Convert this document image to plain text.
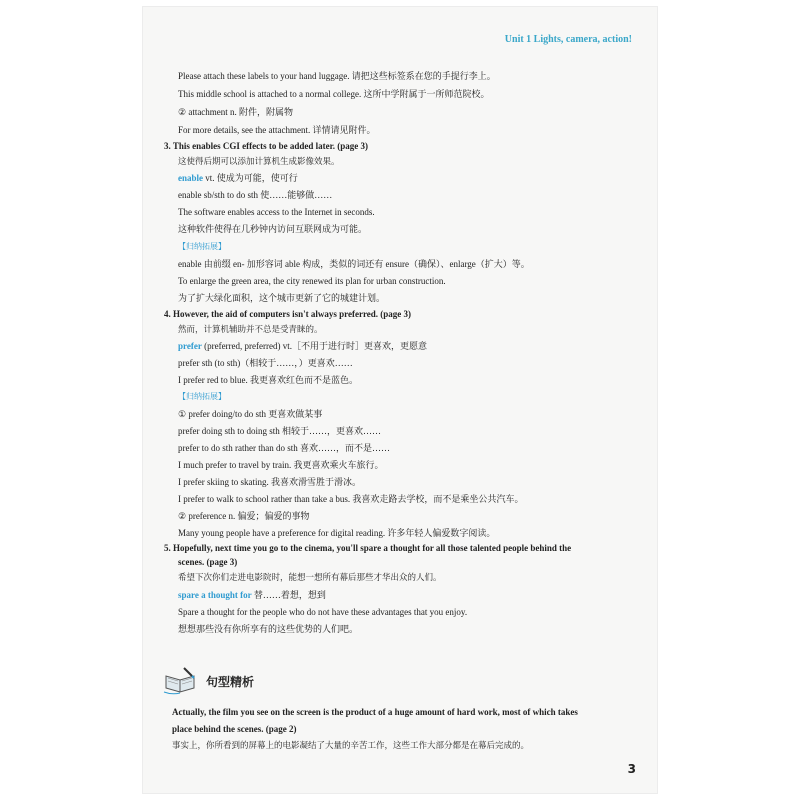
Unit 1 Lights, camera, action!
Please attach these labels to your hand luggage. 请把这些标签系在您的手提行李上。
This middle school is attached to a normal college. 这所中学附属于一所师范院校。
② attachment n. 附件，附属物
For more details, see the attachment. 详情请见附件。
3. This enables CGI effects to be added later. (page 3)
这使得后期可以添加计算机生成影像效果。
enable vt. 使成为可能，使可行
enable sb/sth to do sth 使……能够做……
The software enables access to the Internet in seconds.
这种软件使得在几秒钟内访问互联网成为可能。
【归纳拓展】
enable 由前缀 en- 加形容词 able 构成，类似的词还有 ensure（确保）、enlarge（扩大）等。
To enlarge the green area, the city renewed its plan for urban construction.
为了扩大绿化面积，这个城市更新了它的城建计划。
4. However, the aid of computers isn't always preferred. (page 3)
然而，计算机辅助并不总是受青睐的。
prefer (preferred, preferred) vt.［不用于进行时］更喜欢，更愿意
prefer sth (to sth)（相较于……，）更喜欢……
I prefer red to blue. 我更喜欢红色而不是蓝色。
【归纳拓展】
① prefer doing/to do sth 更喜欢做某事
prefer doing sth to doing sth 相较于……，更喜欢……
prefer to do sth rather than do sth 喜欢……，而不是……
I much prefer to travel by train. 我更喜欢乘火车旅行。
I prefer skiing to skating. 我喜欢滑雪胜于滑冰。
I prefer to walk to school rather than take a bus. 我喜欢走路去学校，而不是乘坐公共汽车。
② preference n. 偏爱；偏爱的事物
Many young people have a preference for digital reading. 许多年轻人偏爱数字阅读。
5. Hopefully, next time you go to the cinema, you'll spare a thought for all those talented people behind the
scenes. (page 3)
希望下次你们走进电影院时，能想一想所有幕后那些才华出众的人们。
spare a thought for 替……着想，想到
Spare a thought for the people who do not have these advantages that you enjoy.
想想那些没有你所享有的这些优势的人们吧。
句型精析
Actually, the film you see on the screen is the product of a huge amount of hard work, most of which takes
place behind the scenes. (page 2)
事实上，你所看到的屏幕上的电影凝结了大量的辛苦工作，这些工作大部分都是在幕后完成的。
3
